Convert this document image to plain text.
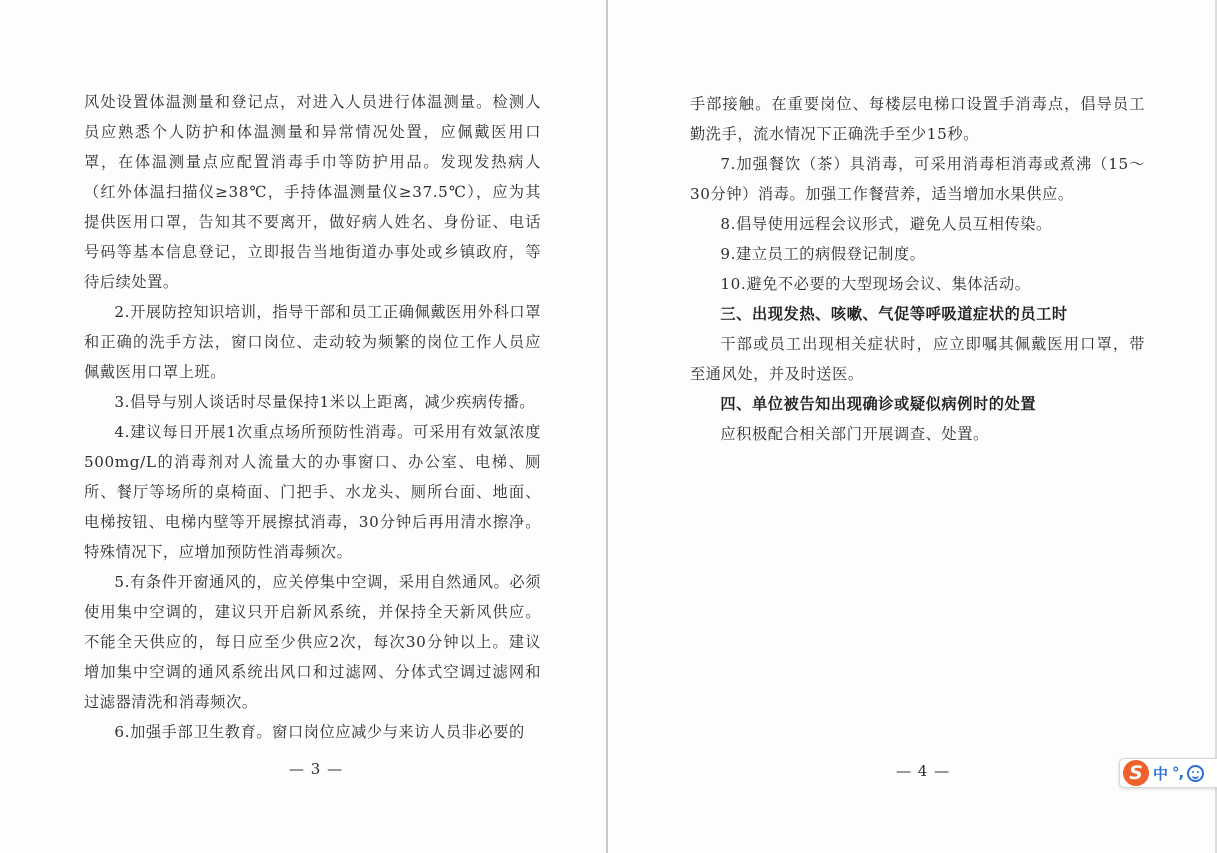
风处设置体温测量和登记点，对进入人员进行体温测量。检测人员应熟悉个人防护和体温测量和异常情况处置，应佩戴医用口罩，在体温测量点应配置消毒手巾等防护用品。发现发热病人（红外体温扫描仪≥38℃，手持体温测量仪≥37.5℃），应为其提供医用口罩，告知其不要离开，做好病人姓名、身份证、电话号码等基本信息登记，立即报告当地街道办事处或乡镇政府，等待后续处置。

2.开展防控知识培训，指导干部和员工正确佩戴医用外科口罩和正确的洗手方法，窗口岗位、走动较为频繁的岗位工作人员应佩戴医用口罩上班。

3.倡导与别人谈话时尽量保持1米以上距离，减少疾病传播。

4.建议每日开展1次重点场所预防性消毒。可采用有效氯浓度500mg/L的消毒剂对人流量大的办事窗口、办公室、电梯、厕所、餐厅等场所的桌椅面、门把手、水龙头、厕所台面、地面、电梯按钮、电梯内壁等开展擦拭消毒，30分钟后再用清水擦净。特殊情况下，应增加预防性消毒频次。

5.有条件开窗通风的，应关停集中空调，采用自然通风。必须使用集中空调的，建议只开启新风系统，并保持全天新风供应。不能全天供应的，每日应至少供应2次，每次30分钟以上。建议增加集中空调的通风系统出风口和过滤网、分体式空调过滤网和过滤器清洗和消毒频次。

6.加强手部卫生教育。窗口岗位应减少与来访人员非必要的

— 3 —

手部接触。在重要岗位、每楼层电梯口设置手消毒点，倡导员工勤洗手，流水情况下正确洗手至少15秒。

7.加强餐饮（茶）具消毒，可采用消毒柜消毒或煮沸（15～30分钟）消毒。加强工作餐营养，适当增加水果供应。

8.倡导使用远程会议形式，避免人员互相传染。

9.建立员工的病假登记制度。

10.避免不必要的大型现场会议、集体活动。

三、出现发热、咳嗽、气促等呼吸道症状的员工时

干部或员工出现相关症状时，应立即嘱其佩戴医用口罩，带至通风处，并及时送医。

四、单位被告知出现确诊或疑似病例时的处置

应积极配合相关部门开展调查、处置。

— 4 —	S 中 °,
